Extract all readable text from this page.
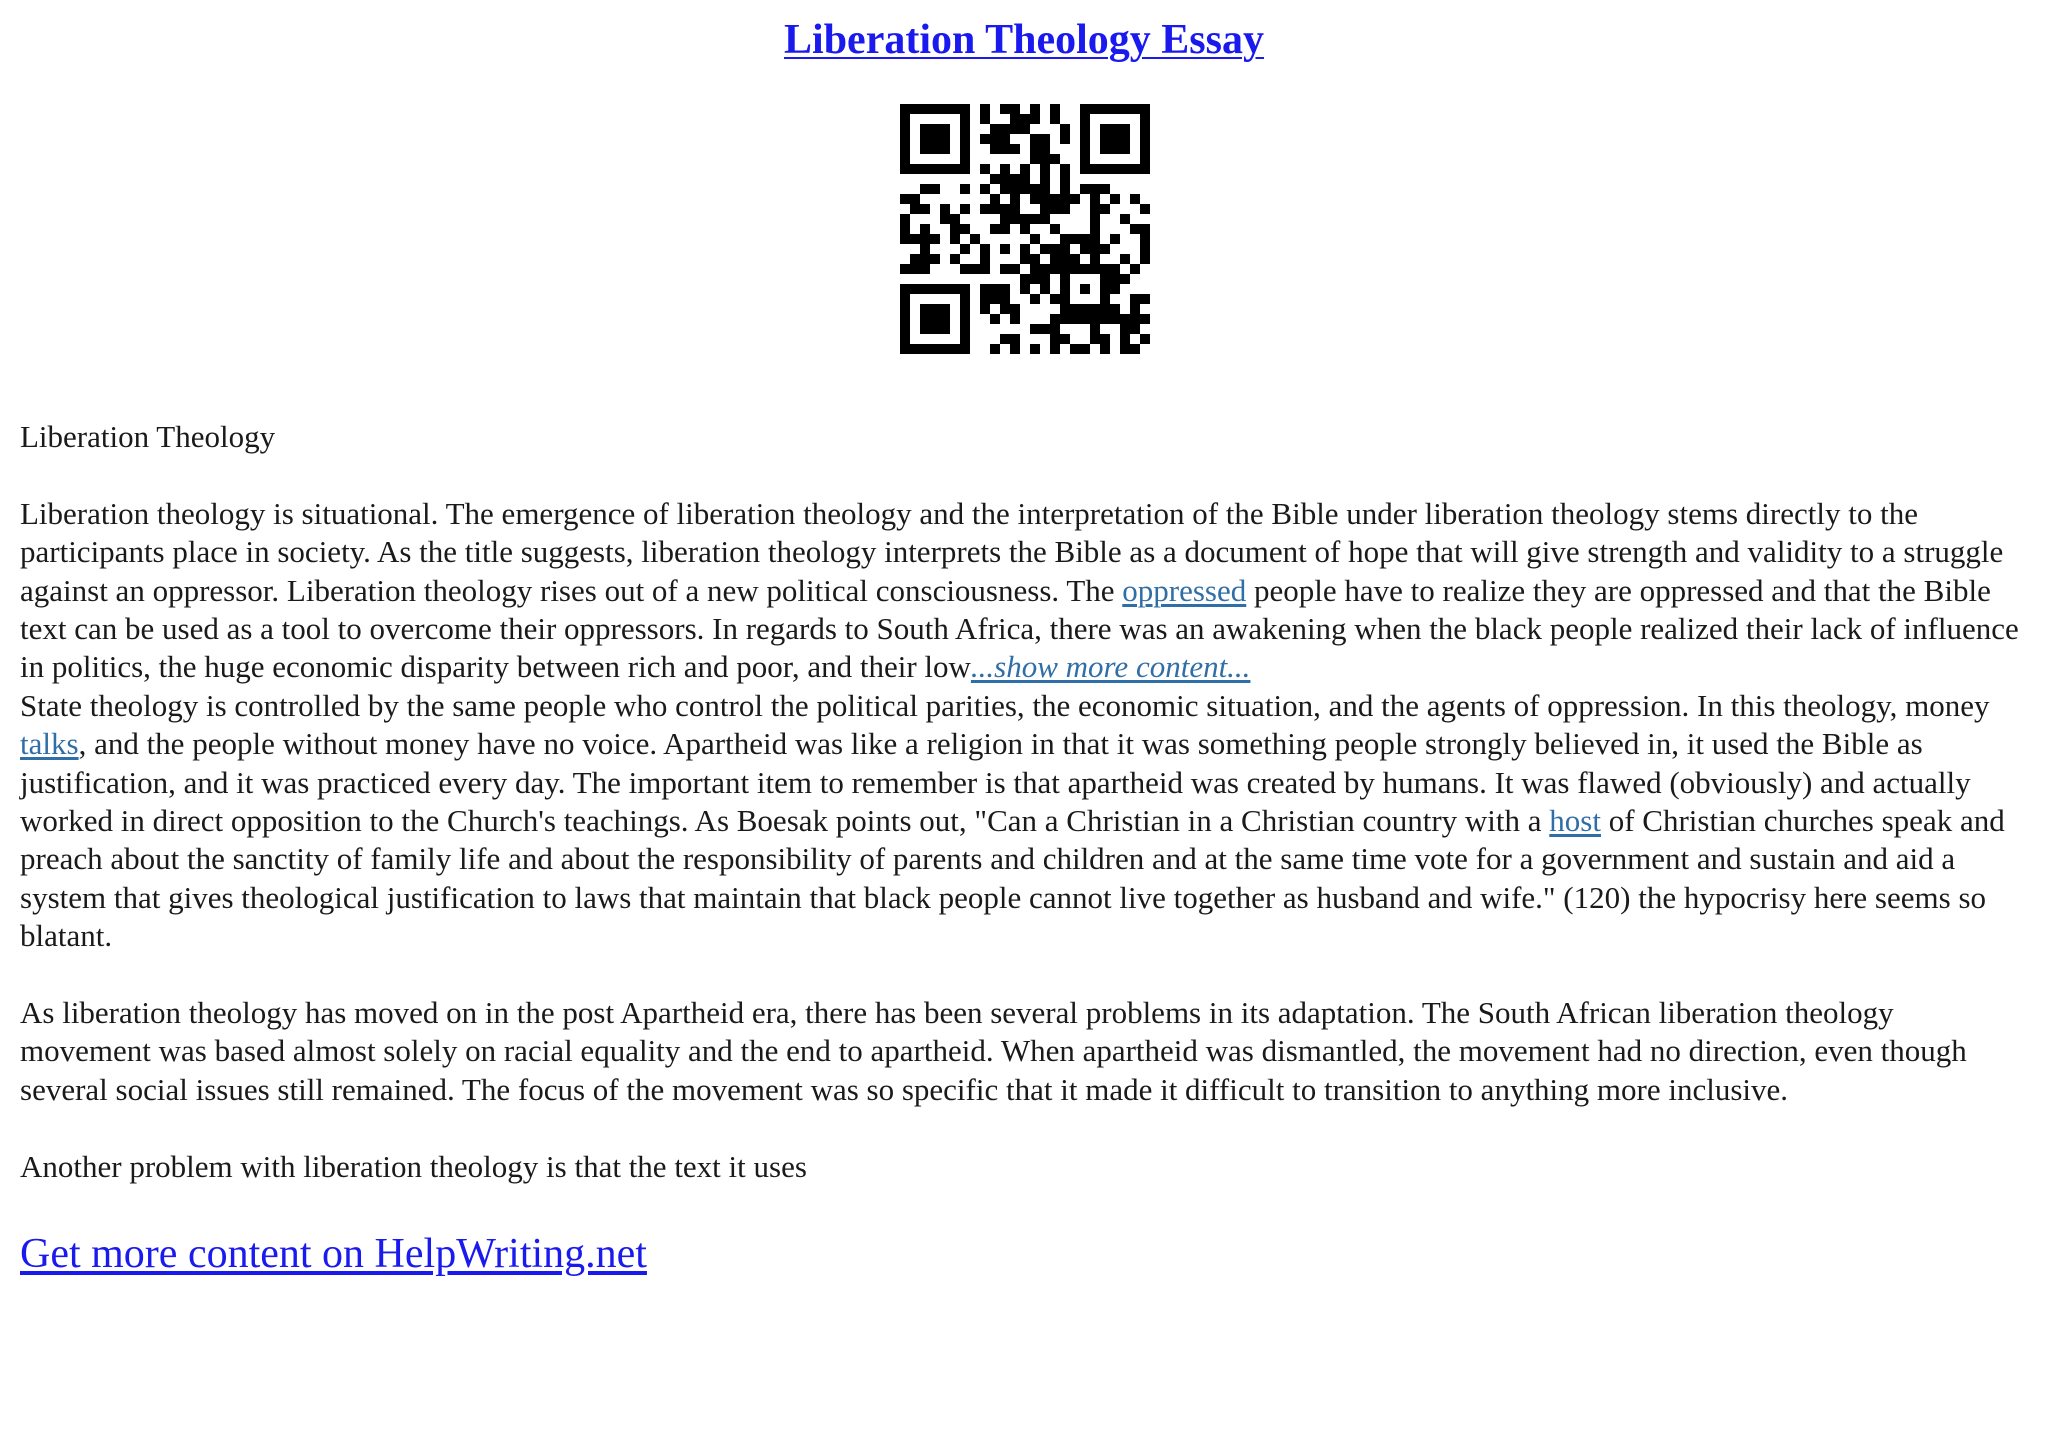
Liberation Theology Essay

Liberation Theology

Liberation theology is situational. The emergence of liberation theology and the interpretation of the Bible under liberation theology stems directly to the participants place in society. As the title suggests, liberation theology interprets the Bible as a document of hope that will give strength and validity to a struggle against an oppressor. Liberation theology rises out of a new political consciousness. The oppressed people have to realize they are oppressed and that the Bible text can be used as a tool to overcome their oppressors. In regards to South Africa, there was an awakening when the black people realized their lack of influence in politics, the huge economic disparity between rich and poor, and their low...show more content...

State theology is controlled by the same people who control the political parities, the economic situation, and the agents of oppression. In this theology, money talks, and the people without money have no voice. Apartheid was like a religion in that it was something people strongly believed in, it used the Bible as justification, and it was practiced every day. The important item to remember is that apartheid was created by humans. It was flawed (obviously) and actually worked in direct opposition to the Church's teachings. As Boesak points out, "Can a Christian in a Christian country with a host of Christian churches speak and preach about the sanctity of family life and about the responsibility of parents and children and at the same time vote for a government and sustain and aid a system that gives theological justification to laws that maintain that black people cannot live together as husband and wife." (120) the hypocrisy here seems so blatant.

As liberation theology has moved on in the post Apartheid era, there has been several problems in its adaptation. The South African liberation theology movement was based almost solely on racial equality and the end to apartheid. When apartheid was dismantled, the movement had no direction, even though several social issues still remained. The focus of the movement was so specific that it made it difficult to transition to anything more inclusive.

Another problem with liberation theology is that the text it uses

Get more content on HelpWriting.net
